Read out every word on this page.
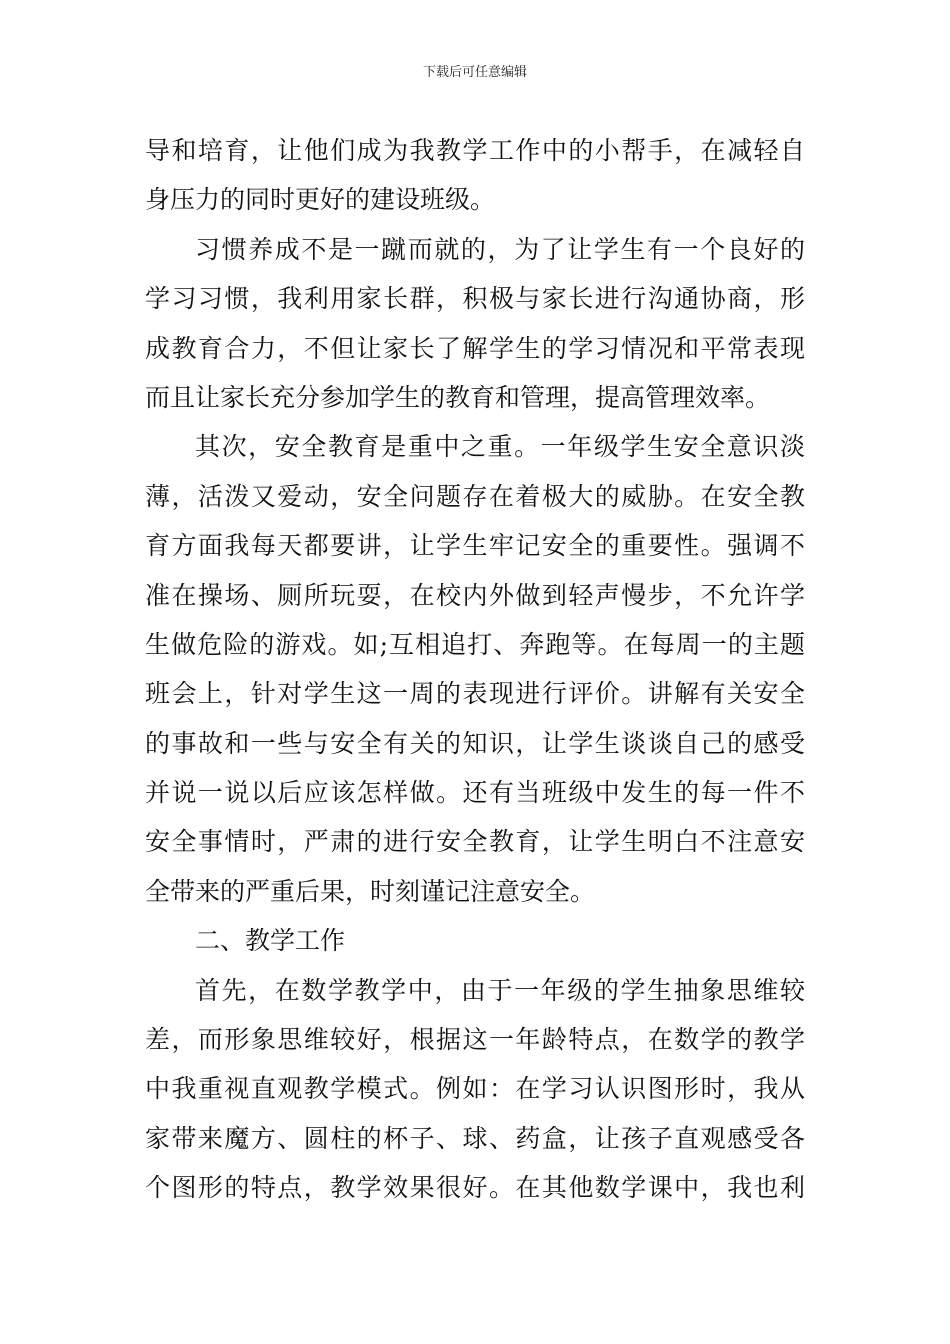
下载后可任意编辑
导和培育，让他们成为我教学工作中的小帮手，在减轻自
身压力的同时更好的建设班级。
习惯养成不是一蹴而就的，为了让学生有一个良好的
学习习惯，我利用家长群，积极与家长进行沟通协商，形
成教育合力，不但让家长了解学生的学习情况和平常表现
而且让家长充分参加学生的教育和管理，提高管理效率。
其次，安全教育是重中之重。一年级学生安全意识淡
薄，活泼又爱动，安全问题存在着极大的威胁。在安全教
育方面我每天都要讲，让学生牢记安全的重要性。强调不
准在操场、厕所玩耍，在校内外做到轻声慢步，不允许学
生做危险的游戏。如;互相追打、奔跑等。在每周一的主题
班会上，针对学生这一周的表现进行评价。讲解有关安全
的事故和一些与安全有关的知识，让学生谈谈自己的感受
并说一说以后应该怎样做。还有当班级中发生的每一件不
安全事情时，严肃的进行安全教育，让学生明白不注意安
全带来的严重后果，时刻谨记注意安全。
二、教学工作
首先，在数学教学中，由于一年级的学生抽象思维较
差，而形象思维较好，根据这一年龄特点，在数学的教学
中我重视直观教学模式。例如：在学习认识图形时，我从
家带来魔方、圆柱的杯子、球、药盒，让孩子直观感受各
个图形的特点，教学效果很好。在其他数学课中，我也利
